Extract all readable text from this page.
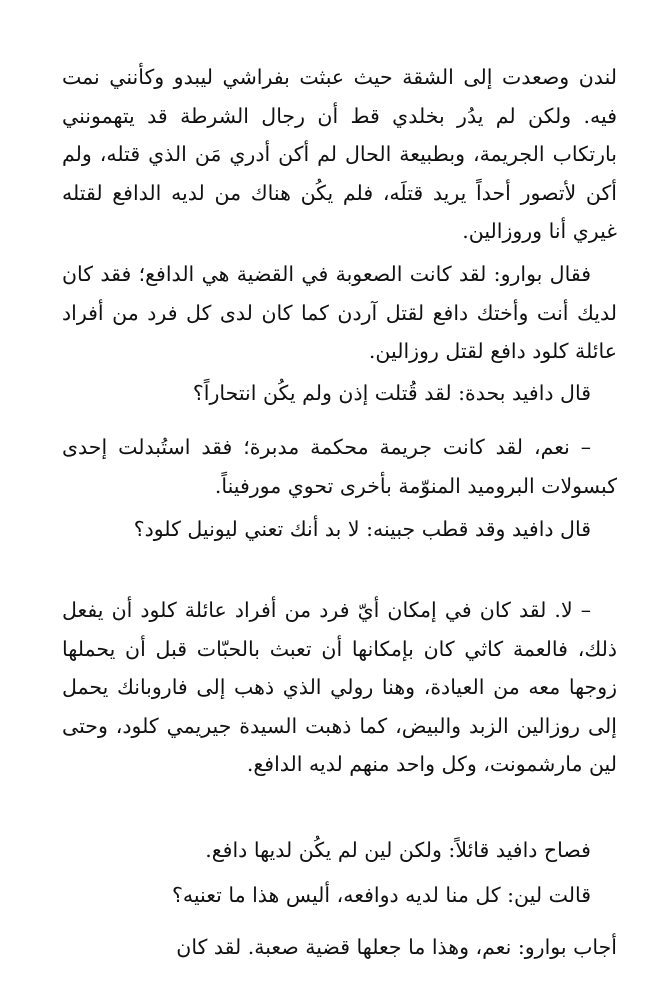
لندن وصعدت إلى الشقة حيث عبثت بفراشي ليبدو وكأنني نمت فيه. ولكن لم يدُر بخلدي قط أن رجال الشرطة قد يتهمونني بارتكاب الجريمة، وبطبيعة الحال لم أكن أدري مَن الذي قتله، ولم أكن لأتصور أحداً يريد قتلَه، فلم يكُن هناك من لديه الدافع لقتله غيري أنا وروزالين.

فقال بوارو: لقد كانت الصعوبة في القضية هي الدافع؛ فقد كان لديك أنت وأختك دافع لقتل آردن كما كان لدى كل فرد من أفراد عائلة كلود دافع لقتل روزالين.

قال دافيد بحدة: لقد قُتلت إذن ولم يكُن انتحاراً؟

– نعم، لقد كانت جريمة محكمة مدبرة؛ فقد استُبدلت إحدى كبسولات البروميد المنوّمة بأخرى تحوي مورفيناً.

قال دافيد وقد قطب جبينه: لا بد أنك تعني ليونيل كلود؟

– لا. لقد كان في إمكان أيّ فرد من أفراد عائلة كلود أن يفعل ذلك، فالعمة كاثي كان بإمكانها أن تعبث بالحبّات قبل أن يحملها زوجها معه من العيادة، وهنا رولي الذي ذهب إلى فاروبانك يحمل إلى روزالين الزبد والبيض، كما ذهبت السيدة جيريمي كلود، وحتى لين مارشمونت، وكل واحد منهم لديه الدافع.

فصاح دافيد قائلاً: ولكن لين لم يكُن لديها دافع.

قالت لين: كل منا لديه دوافعه، أليس هذا ما تعنيه؟

أجاب بوارو: نعم، وهذا ما جعلها قضية صعبة. لقد كان
